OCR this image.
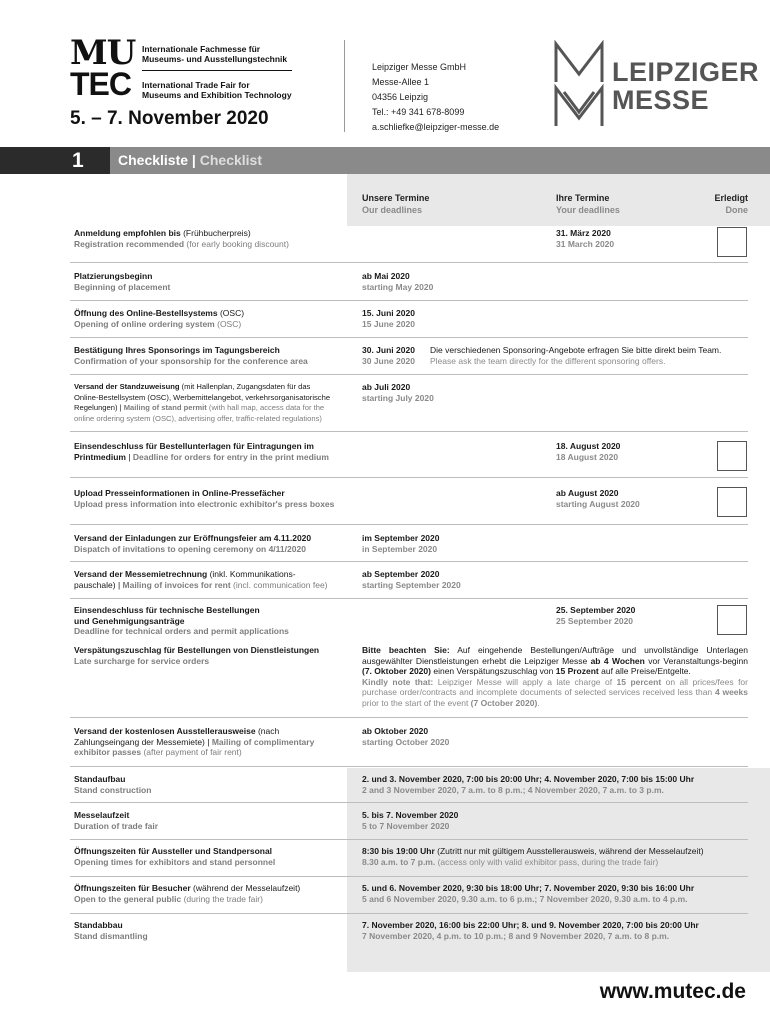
MU
TEC
Internationale Fachmesse für
Museums- und Ausstellungstechnik
International Trade Fair for
Museums and Exhibition Technology
5. – 7. November 2020
Leipziger Messe GmbH
Messe-Allee 1
04356 Leipzig
Tel.: +49 341 678-8099
a.schliefke@leipziger-messe.de
LEIPZIGER
MESSE
1 Checkliste | Checklist
Unsere Termine
Our deadlines
Ihre Termine
Your deadlines
Erledigt
Done
Anmeldung empfohlen bis (Frühbucherpreis)
Registration recommended (for early booking discount)
31. März 2020
31 March 2020
Platzierungsbeginn
Beginning of placement
ab Mai 2020
starting May 2020
Öffnung des Online-Bestellsystems (OSC)
Opening of online ordering system (OSC)
15. Juni 2020
15 June 2020
Bestätigung Ihres Sponsorings im Tagungsbereich
Confirmation of your sponsorship for the conference area
30. Juni 2020
30 June 2020
Die verschiedenen Sponsoring-Angebote erfragen Sie bitte direkt beim Team.
Please ask the team directly for the different sponsoring offers.
Versand der Standzuweisung (mit Hallenplan, Zugangsdaten für das
Online-Bestellsystem (OSC), Werbemittelangebot, verkehrsorganisatorische
Regelungen) | Mailing of stand permit (with hall map, access data for the
online ordering system (OSC), advertising offer, traffic-related regulations)
ab Juli 2020
starting July 2020
Einsendeschluss für Bestellunterlagen für Eintragungen im
Printmedium | Deadline for orders for entry in the print medium
18. August 2020
18 August 2020
Upload Presseinformationen in Online-Pressefächer
Upload press information into electronic exhibitor's press boxes
ab August 2020
starting August 2020
Versand der Einladungen zur Eröffnungsfeier am 4.11.2020
Dispatch of invitations to opening ceremony on 4/11/2020
im September 2020
in September 2020
Versand der Messemietrechnung (inkl. Kommunikations-
pauschale) | Mailing of invoices for rent (incl. communication fee)
ab September 2020
starting September 2020
Einsendeschluss für technische Bestellungen
und Genehmigungsanträge
Deadline for technical orders and permit applications
25. September 2020
25 September 2020
Verspätungszuschlag für Bestellungen von Dienstleistungen
Late surcharge for service orders
Bitte beachten Sie: Auf eingehende Bestellungen/Aufträge und unvollständige Unterlagen ausgewählter Dienstleistungen erhebt die Leipziger Messe ab 4 Wochen vor Veranstaltungs-beginn (7. Oktober 2020) einen Verspätungszuschlag von 15 Prozent auf alle Preise/Entgelte.
Kindly note that: Leipziger Messe will apply a late charge of 15 percent on all prices/fees for purchase order/contracts and incomplete documents of selected services received less than 4 weeks prior to the start of the event (7 October 2020).
Versand der kostenlosen Ausstellerausweise (nach
Zahlungseingang der Messemiete) | Mailing of complimentary
exhibitor passes (after payment of fair rent)
ab Oktober 2020
starting October 2020
Standaufbau
Stand construction
2. und 3. November 2020, 7:00 bis 20:00 Uhr; 4. November 2020, 7:00 bis 15:00 Uhr
2 and 3 November 2020, 7 a.m. to 8 p.m.; 4 November 2020, 7 a.m. to 3 p.m.
Messelaufzeit
Duration of trade fair
5. bis 7. November 2020
5 to 7 November 2020
Öffnungszeiten für Aussteller und Standpersonal
Opening times for exhibitors and stand personnel
8:30 bis 19:00 Uhr (Zutritt nur mit gültigem Ausstellerausweis, während der Messelaufzeit)
8.30 a.m. to 7 p.m. (access only with valid exhibitor pass, during the trade fair)
Öffnungszeiten für Besucher (während der Messelaufzeit)
Open to the general public (during the trade fair)
5. und 6. November 2020, 9:30 bis 18:00 Uhr; 7. November 2020, 9:30 bis 16:00 Uhr
5 and 6 November 2020, 9.30 a.m. to 6 p.m.; 7 November 2020, 9.30 a.m. to 4 p.m.
Standabbau
Stand dismantling
7. November 2020, 16:00 bis 22:00 Uhr; 8. und 9. November 2020, 7:00 bis 20:00 Uhr
7 November 2020, 4 p.m. to 10 p.m.; 8 and 9 November 2020, 7 a.m. to 8 p.m.
www.mutec.de
